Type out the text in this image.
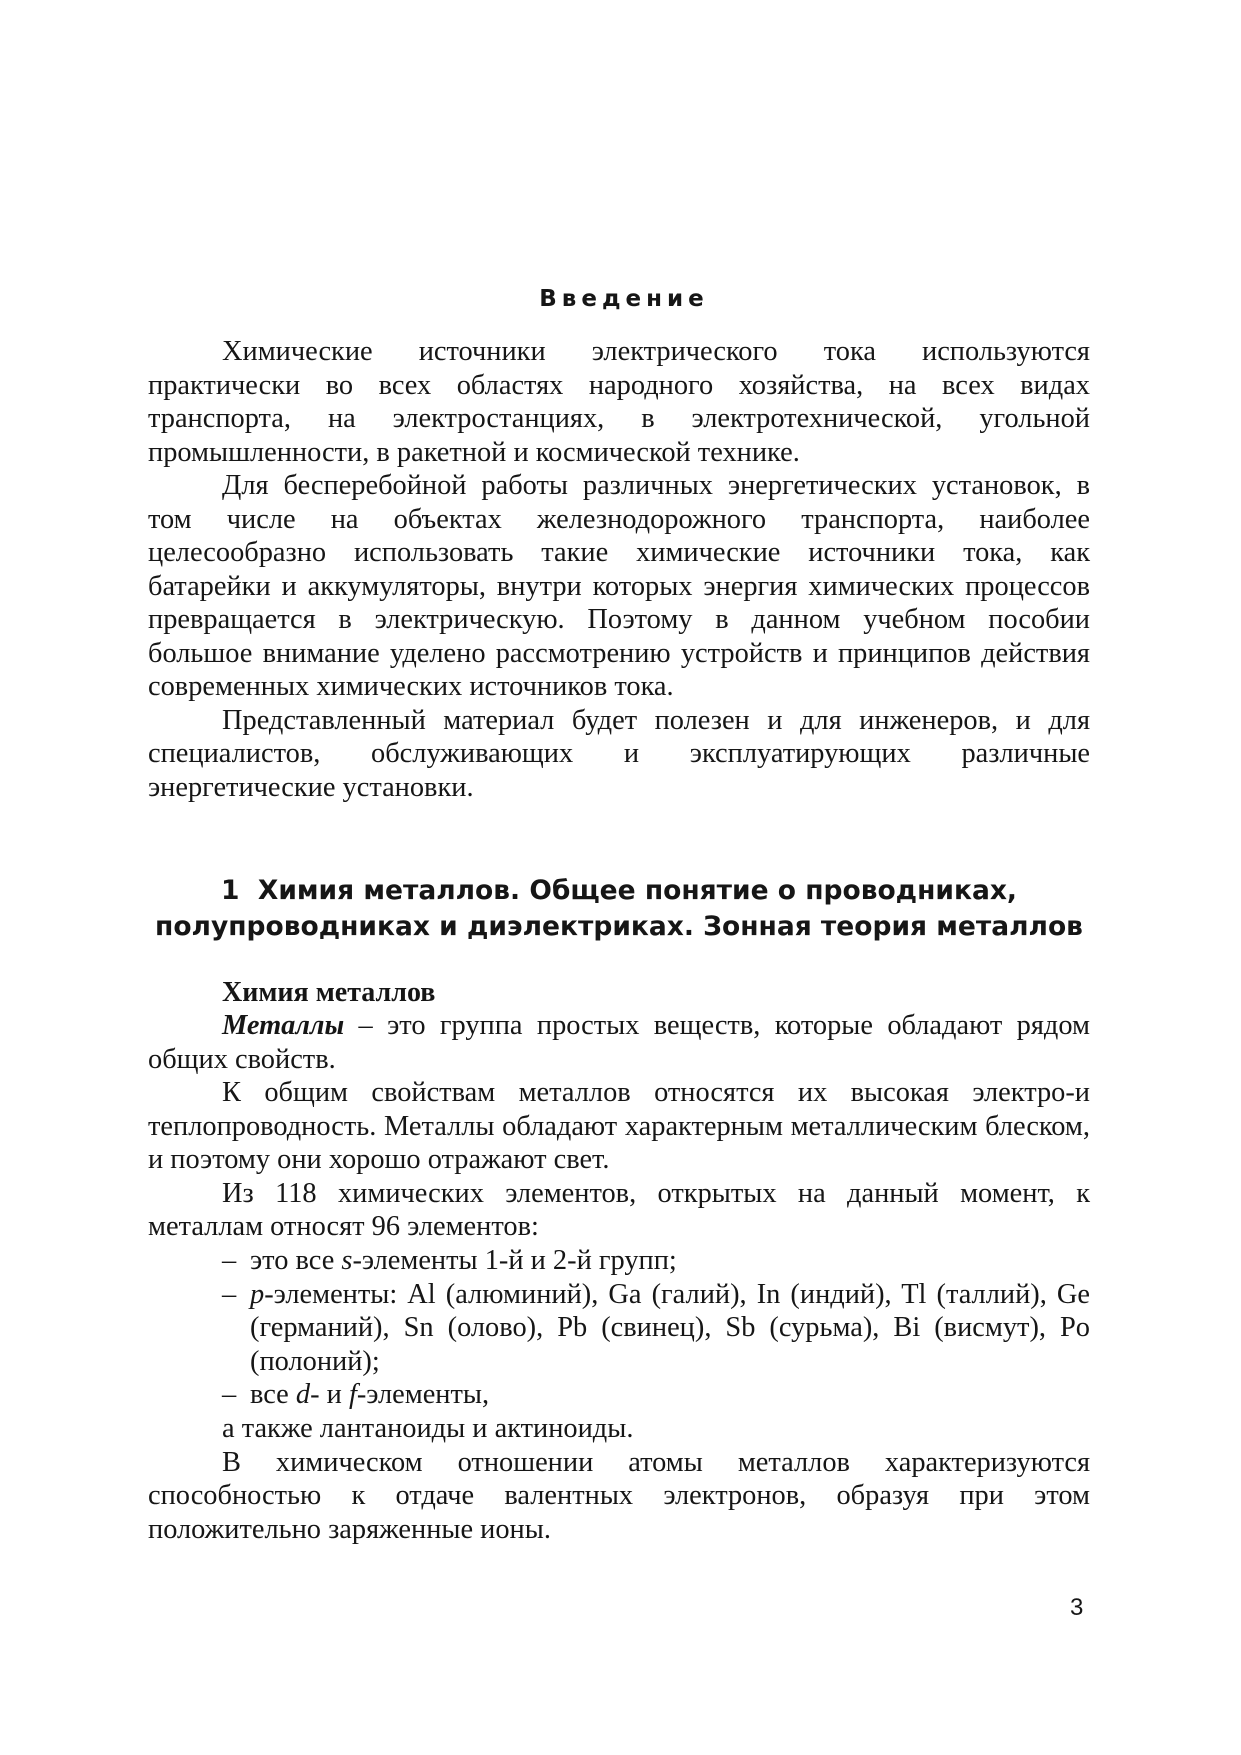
Введение

Химические источники электрического тока используются практически во всех областях народного хозяйства, на всех видах транспорта, на электростанциях, в электротехнической, угольной промышленности, в ракетной и космической технике.

Для бесперебойной работы различных энергетических установок, в том числе на объектах железнодорожного транспорта, наиболее целесообразно использовать такие химические источники тока, как батарейки и аккумуляторы, внутри которых энергия химических процессов превращается в электрическую. Поэтому в данном учебном пособии большое внимание уделено рассмотрению устройств и принципов действия современных химических источников тока.

Представленный материал будет полезен и для инженеров, и для специалистов, обслуживающих и эксплуатирующих различные энергетические установки.

1  Химия металлов. Общее понятие о проводниках,
полупроводниках и диэлектриках. Зонная теория металлов
Химия металлов

Металлы – это группа простых веществ, которые обладают рядом общих свойств.

К общим свойствам металлов относятся их высокая электро-и теплопроводность. Металлы обладают характерным металлическим блеском, и поэтому они хорошо отражают свет.

Из 118 химических элементов, открытых на данный момент, к металлам относят 96 элементов:

– это все s-элементы 1-й и 2-й групп;
– p-элементы: Al (алюминий), Ga (галий), In (индий), Tl (таллий), Ge (германий), Sn (олово), Pb (свинец), Sb (сурьма), Bi (висмут), Po (полоний);
– все d- и f-элементы,

а также лантаноиды и актиноиды.

В химическом отношении атомы металлов характеризуются способностью к отдаче валентных электронов, образуя при этом положительно заряженные ионы.

3
